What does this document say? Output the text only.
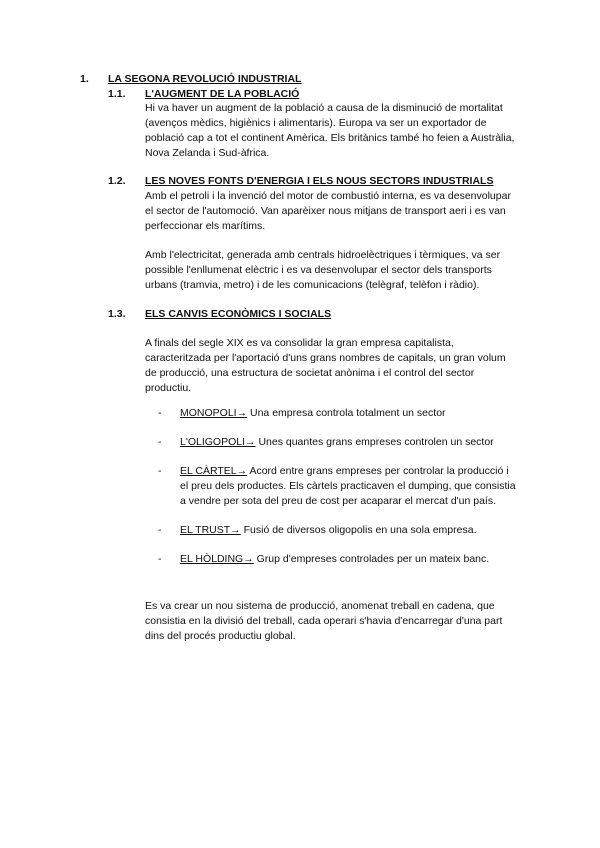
1. LA SEGONA REVOLUCIÓ INDUSTRIAL
1.1. L'AUGMENT DE LA POBLACIÓ

Hi va haver un augment de la població a causa de la disminució de mortalitat (avenços mèdics, higiènics i alimentaris). Europa va ser un exportador de població cap a tot el continent Amèrica. Els britànics també ho feien a Austràlia, Nova Zelanda i Sud-àfrica.

1.2. LES NOVES FONTS D'ENERGIA I ELS NOUS SECTORS INDUSTRIALS

Amb el petroli i la invenció del motor de combustió interna, es va desenvolupar el sector de l'automoció. Van aparèixer nous mitjans de transport aeri i es van perfeccionar els marítims.

Amb l'electricitat, generada amb centrals hidroelèctriques i tèrmiques, va ser possible l'enllumenat elèctric i es va desenvolupar el sector dels transports urbans (tramvia, metro) i de les comunicacions (telègraf, telèfon i ràdio).

1.3. ELS CANVIS ECONÒMICS I SOCIALS

A finals del segle XIX es va consolidar la gran empresa capitalista, caracteritzada per l'aportació d'uns grans nombres de capitals, un gran volum de producció, una estructura de societat anònima i el control del sector productiu.

- MONOPOLI→ Una empresa controla totalment un sector
- L'OLIGOPOLI→ Unes quantes grans empreses controlen un sector
- EL CÀRTEL→ Acord entre grans empreses per controlar la producció i el preu dels productes. Els càrtels practicaven el dumping, que consistia a vendre per sota del preu de cost per acaparar el mercat d'un país.
- EL TRUST→ Fusió de diversos oligopolis en una sola empresa.
- EL HÒLDING→ Grup d'empreses controlades per un mateix banc.

Es va crear un nou sistema de producció, anomenat treball en cadena, que consistia en la divisió del treball, cada operari s'havia d'encarregar d'una part dins del procés productiu global.
